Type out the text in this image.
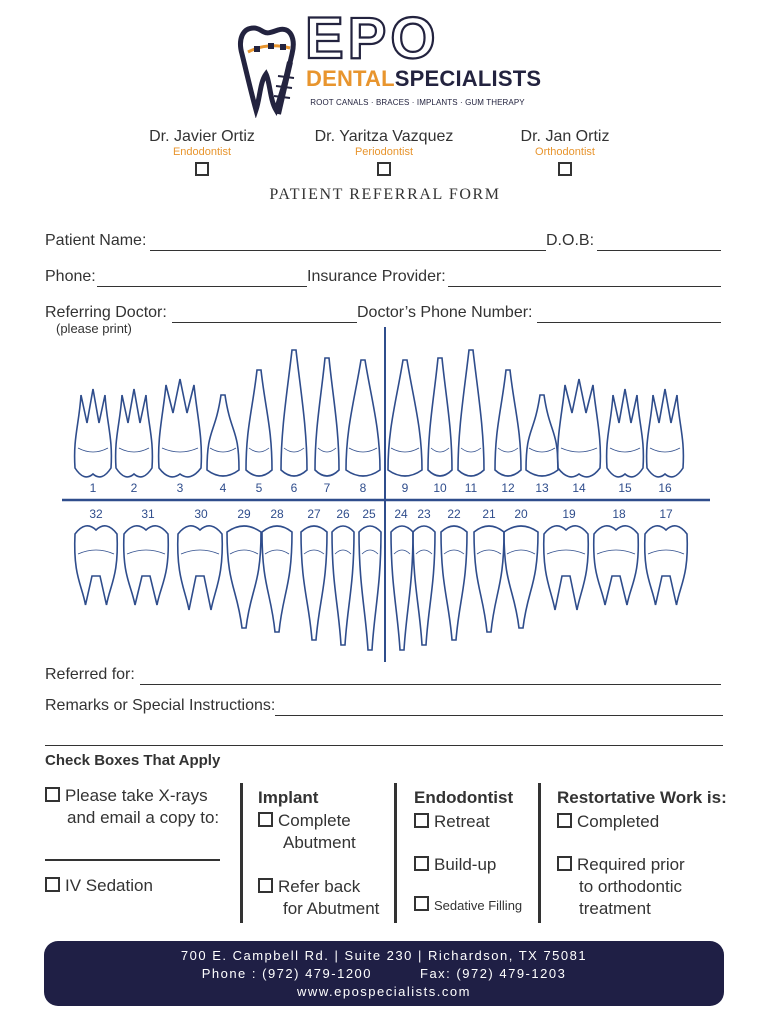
EPO
DENTALSPECIALISTS
ROOT CANALS · BRACES · IMPLANTS · GUM THERAPY
Dr. Javier Ortiz
Endodontist
Dr. Yaritza Vazquez
Periodontist
Dr. Jan Ortiz
Orthodontist
PATIENT REFERRAL FORM
Patient Name:	D.O.B:
Phone:	Insurance Provider:
Referring Doctor:
(please print)
Doctor’s Phone Number:
1	2	3	4 5 6 7 8	9 10 11 12 13 14	15 16
32	31	30 29 28 27 26 25 24 23 22 21 20	19	18	17
Referred for:
Remarks or Special Instructions:
Check Boxes That Apply
Please take X-rays
and email a copy to:
IV Sedation
Implant
Complete
Abutment
Refer back
for Abutment
Endodontist
Retreat
Build-up
Sedative Filling
Restortative Work is:
Completed
Required prior
to orthodontic
treatment
700 E. Campbell Rd. | Suite 230 | Richardson, TX 75081
Phone : (972) 479-1200	Fax: (972) 479-1203
www.epospecialists.com
